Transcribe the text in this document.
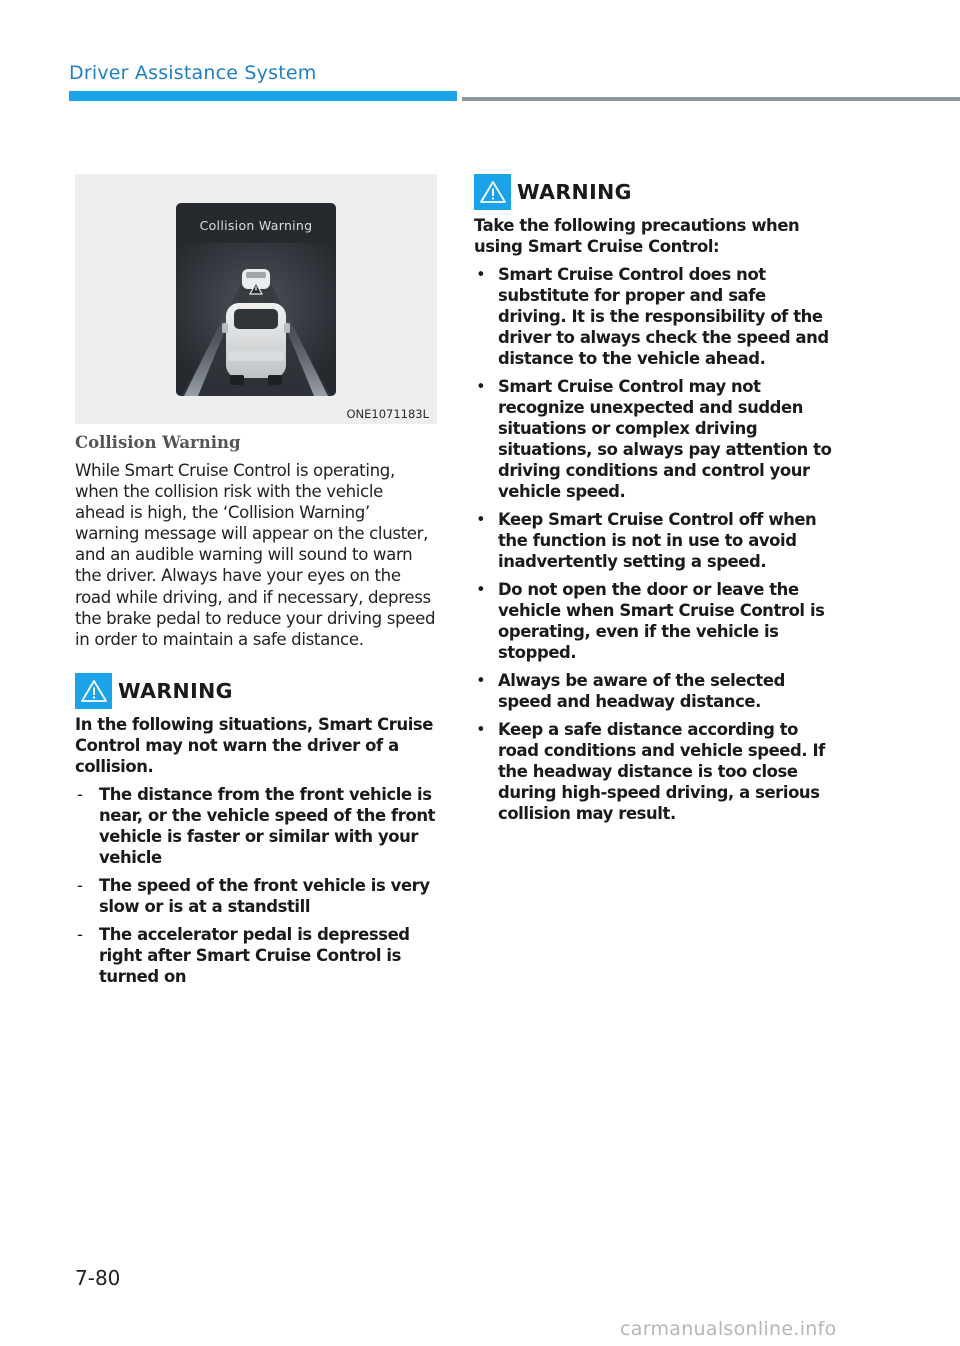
Driver Assistance System
Collision Warning
ONE1071183L
Collision Warning

While Smart Cruise Control is operating, when the collision risk with the vehicle ahead is high, the ‘Collision Warning’ warning message will appear on the cluster, and an audible warning will sound to warn the driver. Always have your eyes on the road while driving, and if necessary, depress the brake pedal to reduce your driving speed in order to maintain a safe distance.

WARNING

In the following situations, Smart Cruise Control may not warn the driver of a collision.

- The distance from the front vehicle is near, or the vehicle speed of the front vehicle is faster or similar with your vehicle
- The speed of the front vehicle is very slow or is at a standstill
- The accelerator pedal is depressed right after Smart Cruise Control is turned on
WARNING

Take the following precautions when using Smart Cruise Control:

• Smart Cruise Control does not substitute for proper and safe driving. It is the responsibility of the driver to always check the speed and distance to the vehicle ahead.
• Smart Cruise Control may not recognize unexpected and sudden situations or complex driving situations, so always pay attention to driving conditions and control your vehicle speed.
• Keep Smart Cruise Control off when the function is not in use to avoid inadvertently setting a speed.
• Do not open the door or leave the vehicle when Smart Cruise Control is operating, even if the vehicle is stopped.
• Always be aware of the selected speed and headway distance.
• Keep a safe distance according to road conditions and vehicle speed. If the headway distance is too close during high-speed driving, a serious collision may result.
7-80
carmanualsonline.info
